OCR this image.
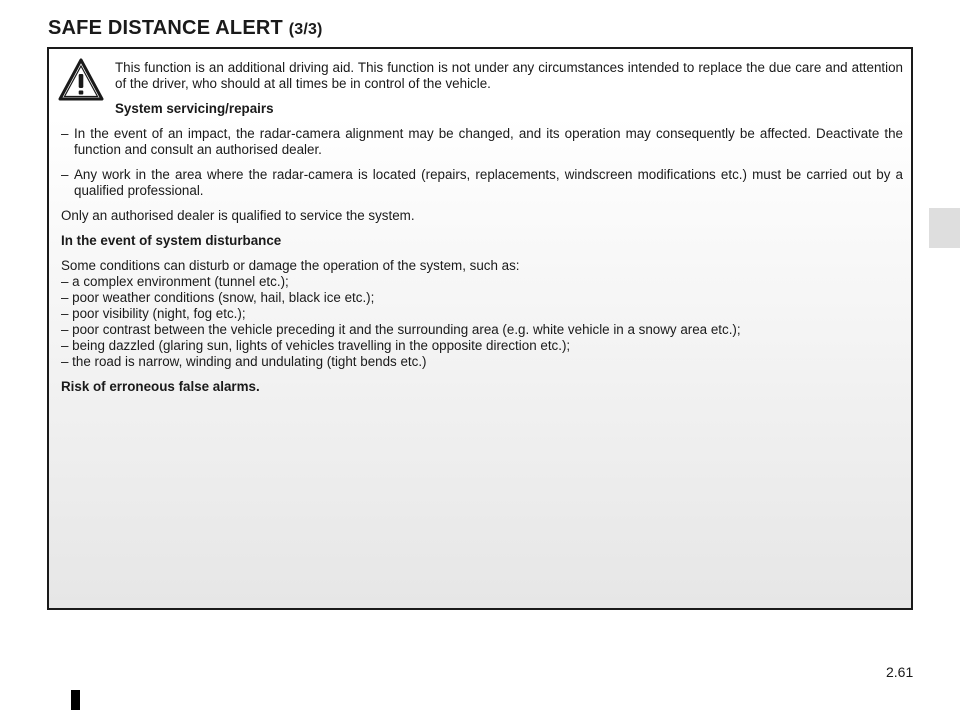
SAFE DISTANCE ALERT (3/3)

This function is an additional driving aid. This function is not under any circumstances intended to replace the due care and attention of the driver, who should at all times be in control of the vehicle.

System servicing/repairs

– In the event of an impact, the radar-camera alignment may be changed, and its operation may consequently be affected. Deactivate the function and consult an authorised dealer.
– Any work in the area where the radar-camera is located (repairs, replacements, windscreen modifications etc.) must be carried out by a qualified professional.

Only an authorised dealer is qualified to service the system.

In the event of system disturbance

Some conditions can disturb or damage the operation of the system, such as:

– a complex environment (tunnel etc.);

– poor weather conditions (snow, hail, black ice etc.);

– poor visibility (night, fog etc.);

– poor contrast between the vehicle preceding it and the surrounding area (e.g. white vehicle in a snowy area etc.);

– being dazzled (glaring sun, lights of vehicles travelling in the opposite direction etc.);

– the road is narrow, winding and undulating (tight bends etc.)

Risk of erroneous false alarms.

2.61
